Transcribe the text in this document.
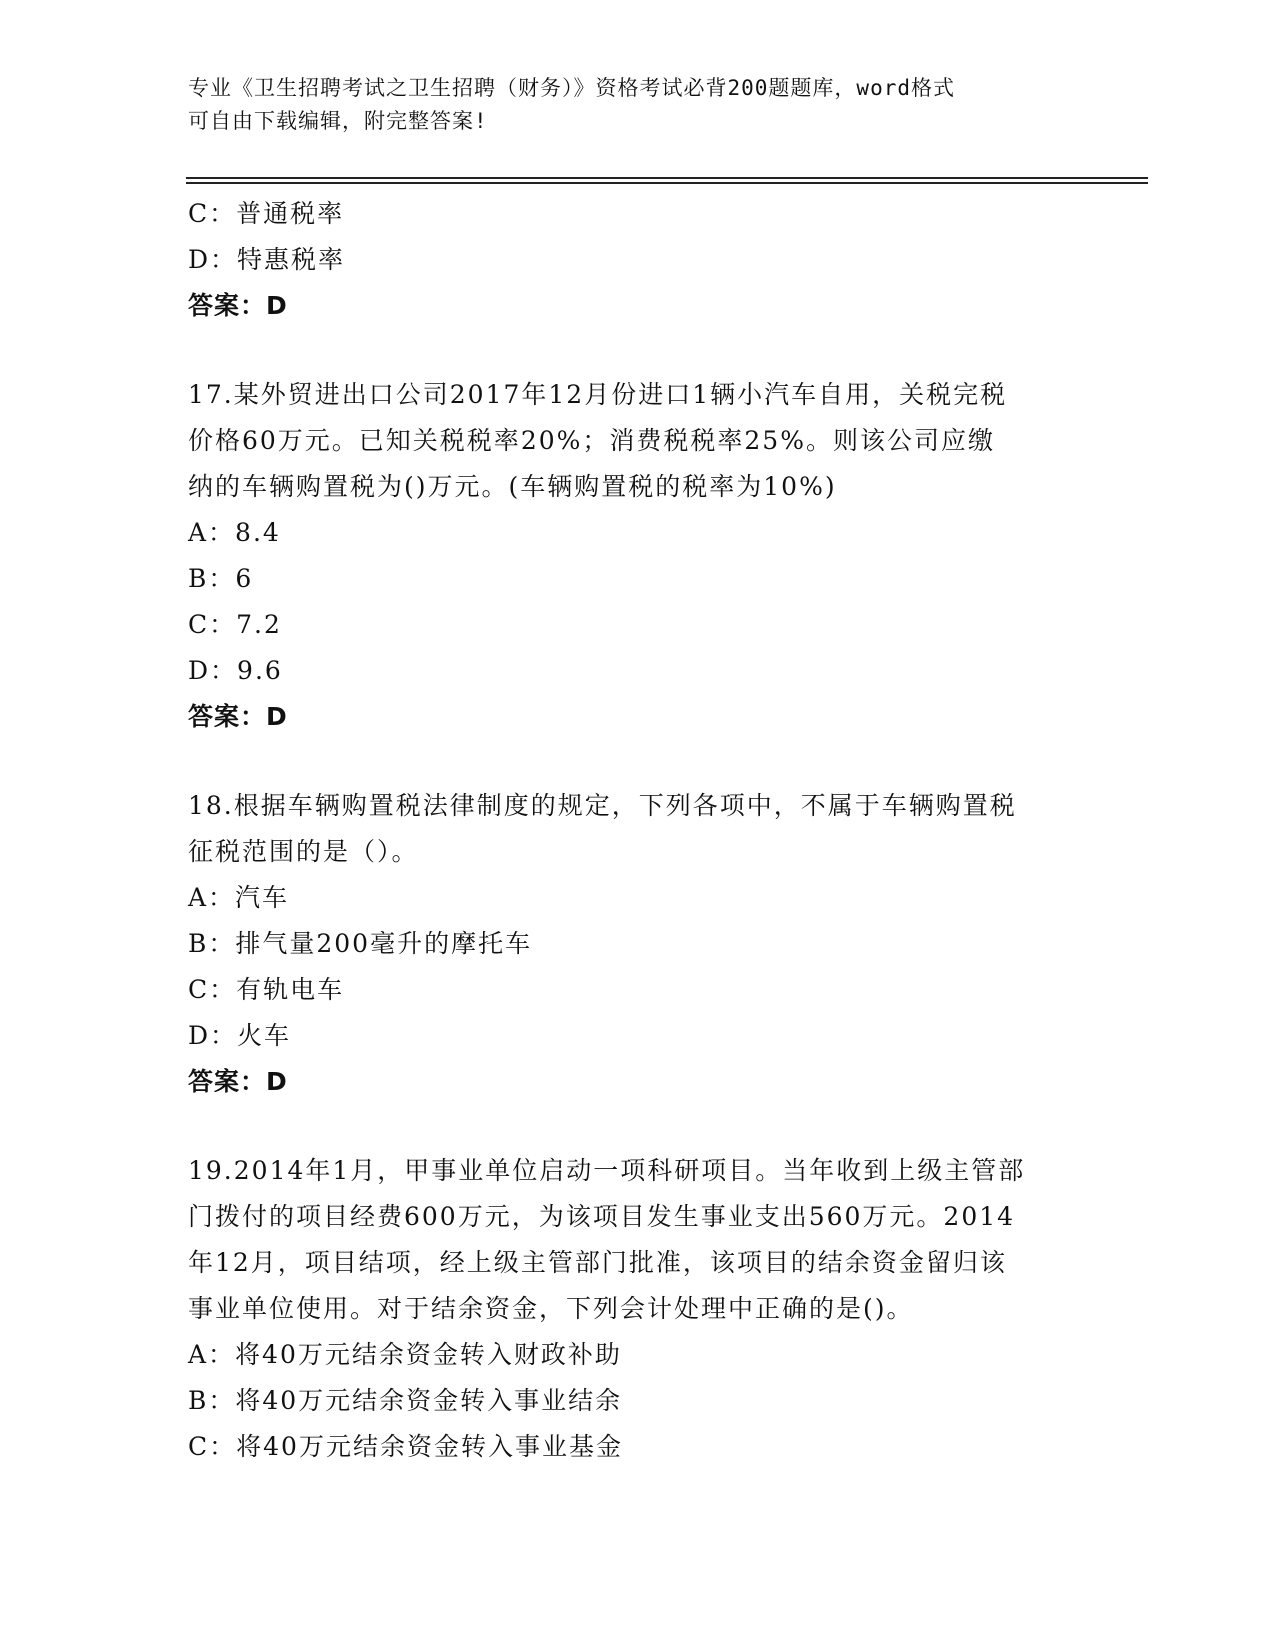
专业《卫生招聘考试之卫生招聘（财务）》资格考试必背200题题库，word格式
可自由下载编辑，附完整答案!
C：普通税率
D：特惠税率
答案：D
17.某外贸进出口公司2017年12月份进口1辆小汽车自用，关税完税
价格60万元。已知关税税率20%；消费税税率25%。则该公司应缴
纳的车辆购置税为()万元。(车辆购置税的税率为10%)
A：8.4
B：6
C：7.2
D：9.6
答案：D
18.根据车辆购置税法律制度的规定，下列各项中，不属于车辆购置税
征税范围的是（）。
A：汽车
B：排气量200毫升的摩托车
C：有轨电车
D：火车
答案：D
19.2014年1月，甲事业单位启动一项科研项目。当年收到上级主管部
门拨付的项目经费600万元，为该项目发生事业支出560万元。2014
年12月，项目结项，经上级主管部门批准，该项目的结余资金留归该
事业单位使用。对于结余资金，下列会计处理中正确的是()。
A：将40万元结余资金转入财政补助
B：将40万元结余资金转入事业结余
C：将40万元结余资金转入事业基金
